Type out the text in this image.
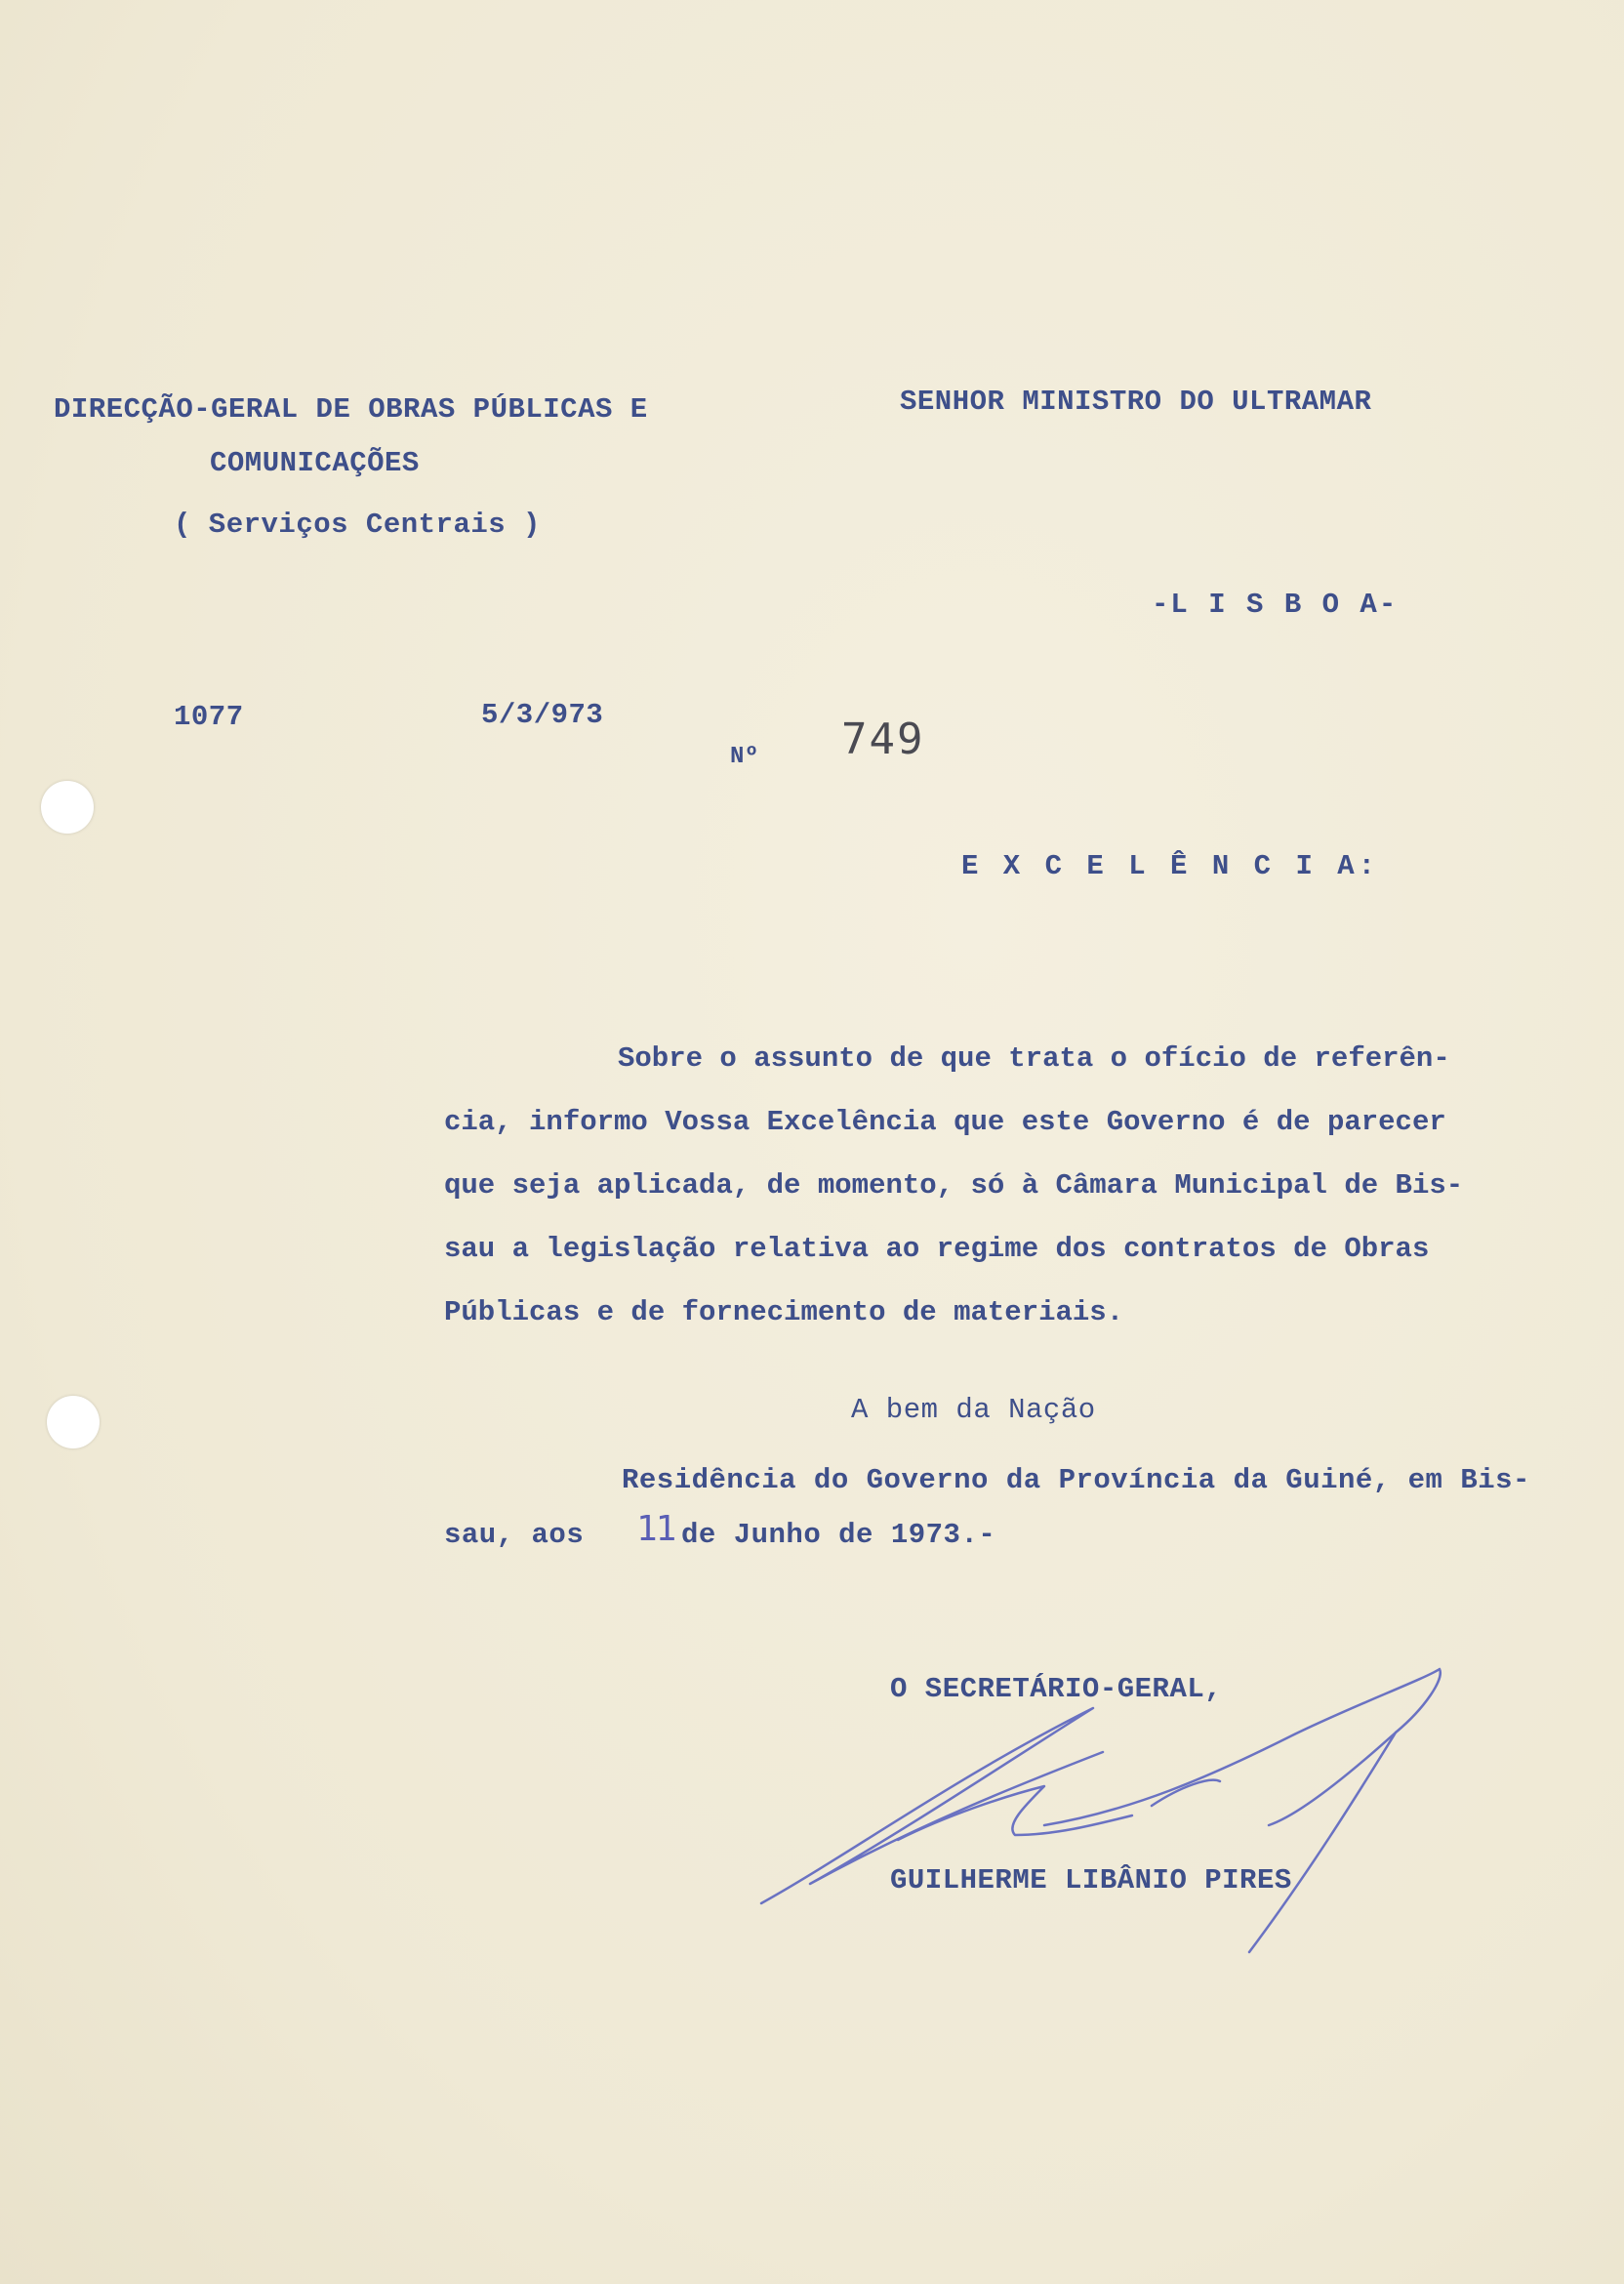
DIRECÇÃO-GERAL DE OBRAS PÚBLICAS E
COMUNICAÇÕES
( Serviços Centrais )
SENHOR MINISTRO DO ULTRAMAR
-L I S B O A-
1077	5/3/973
Nº 749
E X C E L Ê N C I A:
Sobre o assunto de que trata o ofício de referên-
cia, informo Vossa Excelência que este Governo é de parecer
que seja aplicada, de momento, só à Câmara Municipal de Bis-
sau a legislação relativa ao regime dos contratos de Obras
Públicas e de fornecimento de materiais.
A bem da Nação
Residência do Governo da Província da Guiné, em Bis-
sau, aos 11 de Junho de 1973.-
O SECRETÁRIO-GERAL,
GUILHERME LIBÂNIO PIRES
